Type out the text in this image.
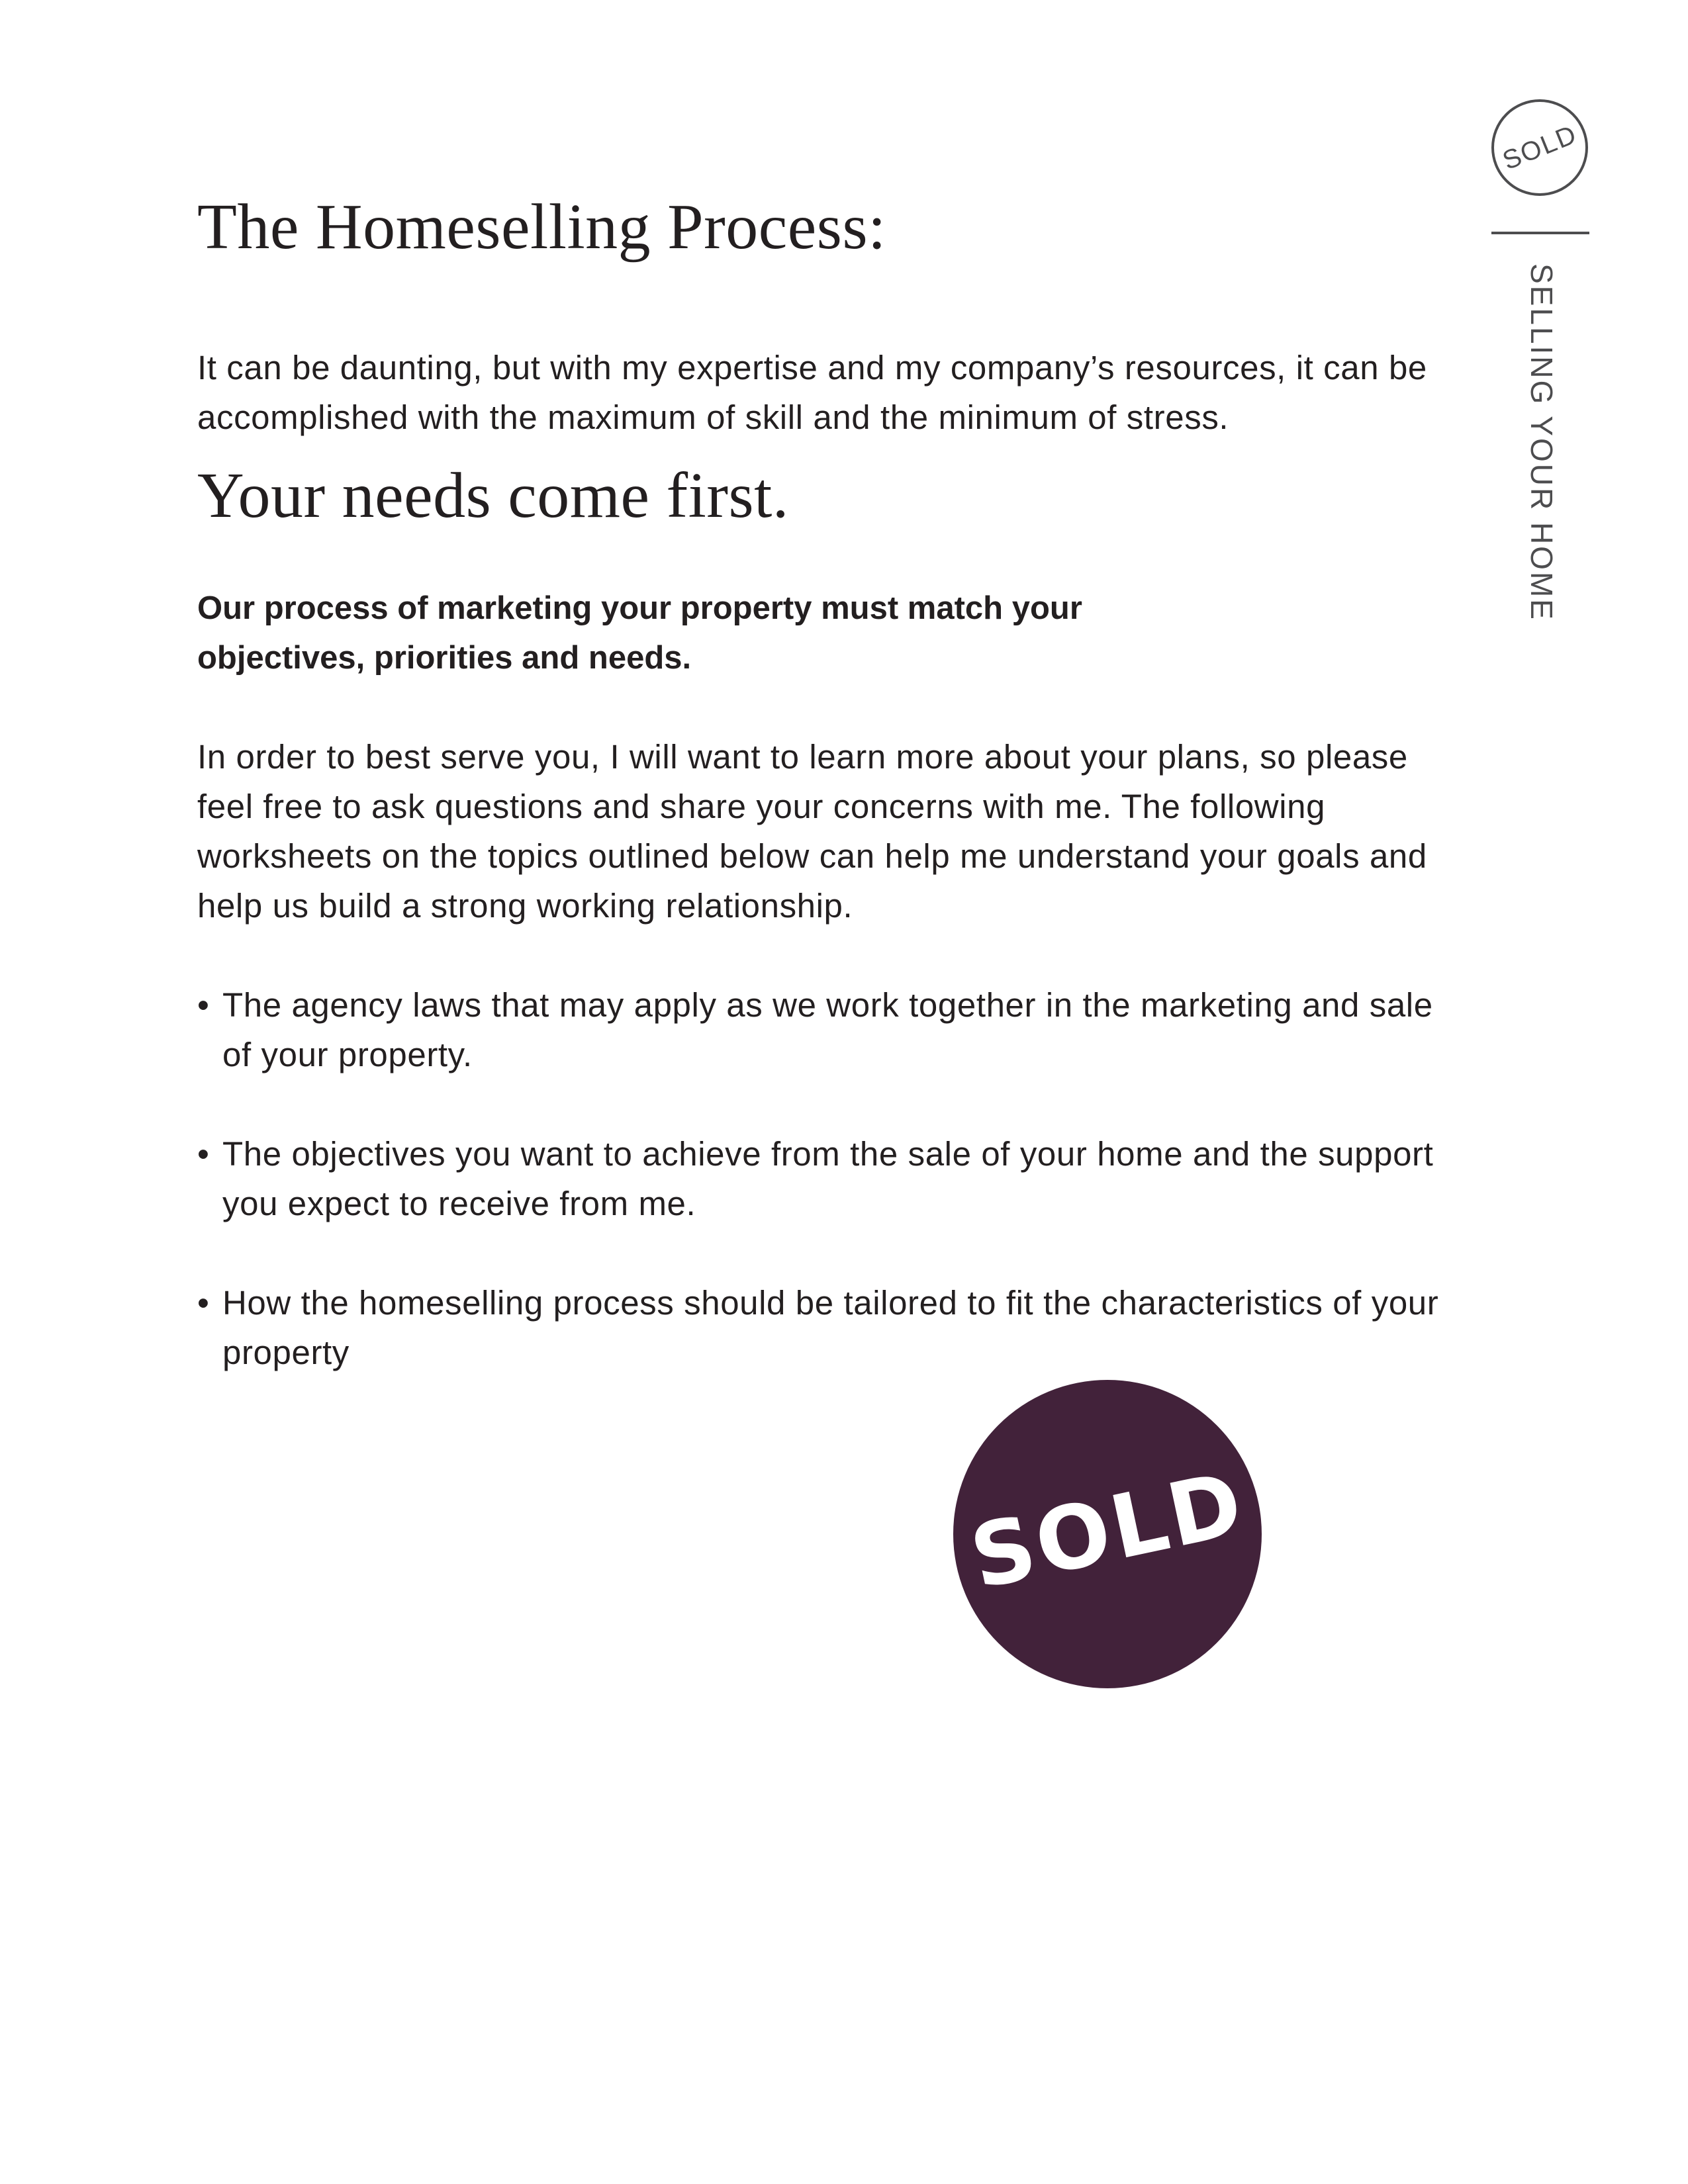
SOLD
SELLING YOUR HOME
The Homeselling Process:

It can be daunting, but with my expertise and my company’s resources, it can be accomplished with the maximum of skill and the minimum of stress.

Your needs come first.

Our process of marketing your property must match your objectives, priorities and needs.

In order to best serve you, I will want to learn more about your plans, so please feel free to ask questions and share your concerns with me. The following worksheets on the topics outlined below can help me understand your goals and help us build a strong working relationship.

• The agency laws that may apply as we work together in the marketing and sale of your property.
• The objectives you want to achieve from the sale of your home and the support you expect to receive from me.
• How the homeselling process should be tailored to fit the characteristics of your property
SOLD
